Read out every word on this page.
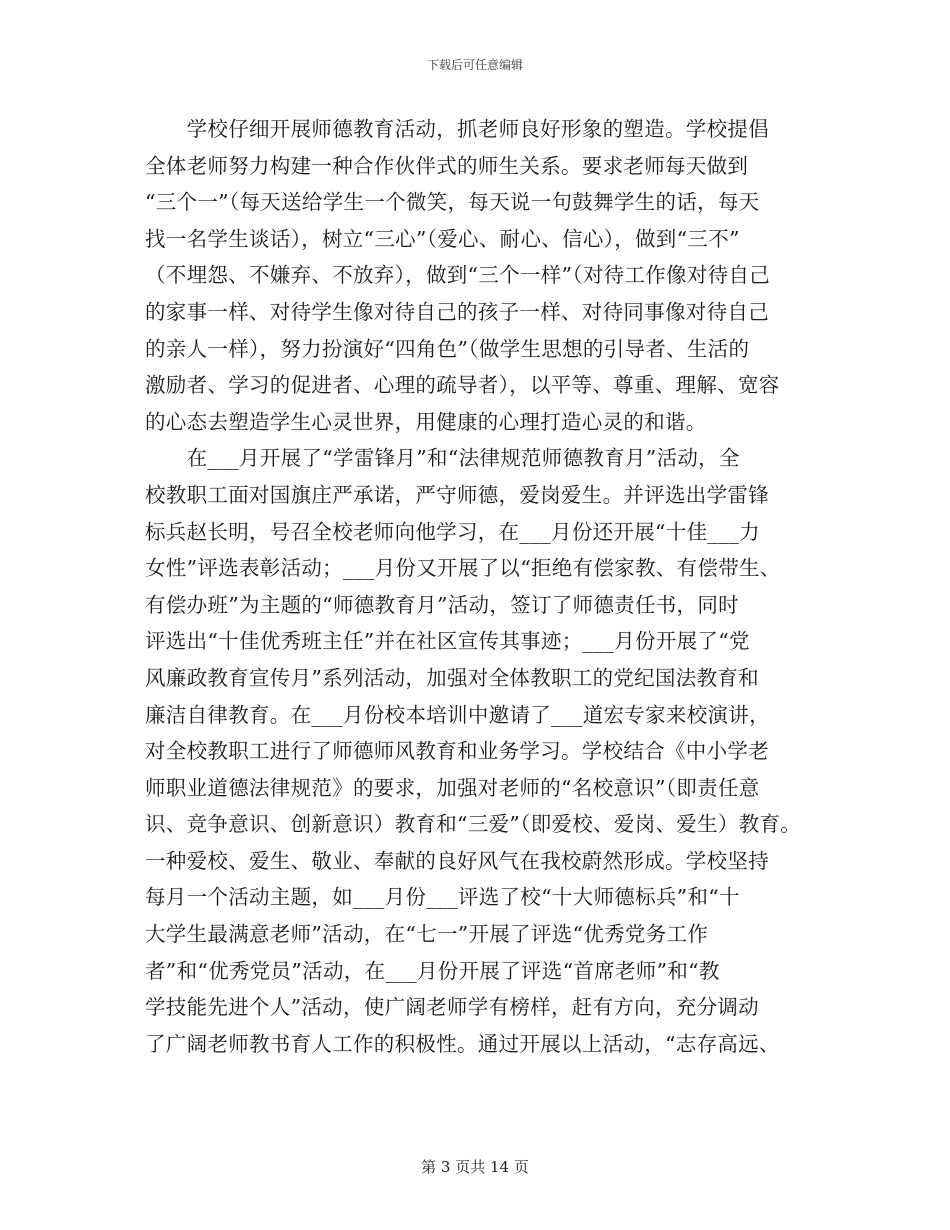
下载后可任意编辑
　　学校仔细开展师德教育活动，抓老师良好形象的塑造。学校提倡
全体老师努力构建一种合作伙伴式的师生关系。要求老师每天做到
“三个一”（每天送给学生一个微笑，每天说一句鼓舞学生的话，每天
找一名学生谈话），树立“三心”（爱心、耐心、信心），做到“三不”
（不埋怨、不嫌弃、不放弃），做到“三个一样”（对待工作像对待自己
的家事一样、对待学生像对待自己的孩子一样、对待同事像对待自己
的亲人一样），努力扮演好“四角色”（做学生思想的引导者、生活的
激励者、学习的促进者、心理的疏导者），以平等、尊重、理解、宽容
的心态去塑造学生心灵世界，用健康的心理打造心灵的和谐。
　　在___月开展了“学雷锋月”和“法律规范师德教育月”活动，全
校教职工面对国旗庄严承诺，严守师德，爱岗爱生。并评选出学雷锋
标兵赵长明，号召全校老师向他学习，在___月份还开展“十佳___力
女性”评选表彰活动；___月份又开展了以“拒绝有偿家教、有偿带生、
有偿办班”为主题的“师德教育月”活动，签订了师德责任书，同时
评选出“十佳优秀班主任”并在社区宣传其事迹；___月份开展了“党
风廉政教育宣传月”系列活动，加强对全体教职工的党纪国法教育和
廉洁自律教育。在___月份校本培训中邀请了___道宏专家来校演讲，
对全校教职工进行了师德师风教育和业务学习。学校结合《中小学老
师职业道德法律规范》的要求，加强对老师的“名校意识”（即责任意
识、竞争意识、创新意识）教育和“三爱”（即爱校、爱岗、爱生）教育。
一种爱校、爱生、敬业、奉献的良好风气在我校蔚然形成。学校坚持
每月一个活动主题，如___月份___评选了校“十大师德标兵”和“十
大学生最满意老师”活动，在“七一”开展了评选“优秀党务工作
者”和“优秀党员”活动，在___月份开展了评选“首席老师”和“教
学技能先进个人”活动，使广阔老师学有榜样，赶有方向，充分调动
了广阔老师教书育人工作的积极性。通过开展以上活动，“志存高远、
第 3 页共 14 页
